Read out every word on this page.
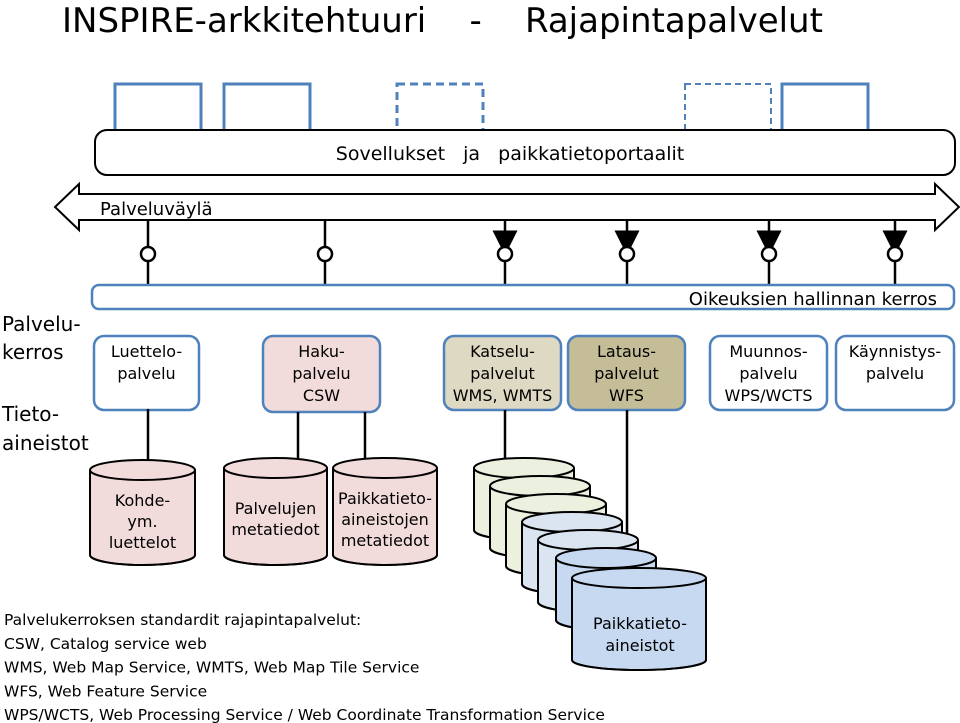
INSPIRE-arkkitehtuuri    -    Rajapintapalvelut
Sovellukset   ja   paikkatietoportaalit
Palveluväylä
Oikeuksien hallinnan kerros
Palvelu-
kerros
Tieto-
aineistot
Luettelo-
palvelu
Haku-
palvelu
CSW
Katselu-
palvelut
WMS, WMTS
Lataus-
palvelut
WFS
Muunnos-
palvelu
WPS/WCTS
Käynnistys-
palvelu
Kohde-
ym.
luettelot
Palvelujen
metatiedot
Paikkatieto-
aineistojen
metatiedot
Paikkatieto-
aineistot
Palvelukerroksen standardit rajapintapalvelut:
CSW, Catalog service web
WMS, Web Map Service, WMTS, Web Map Tile Service
WFS, Web Feature Service
WPS/WCTS, Web Processing Service / Web Coordinate Transformation Service
